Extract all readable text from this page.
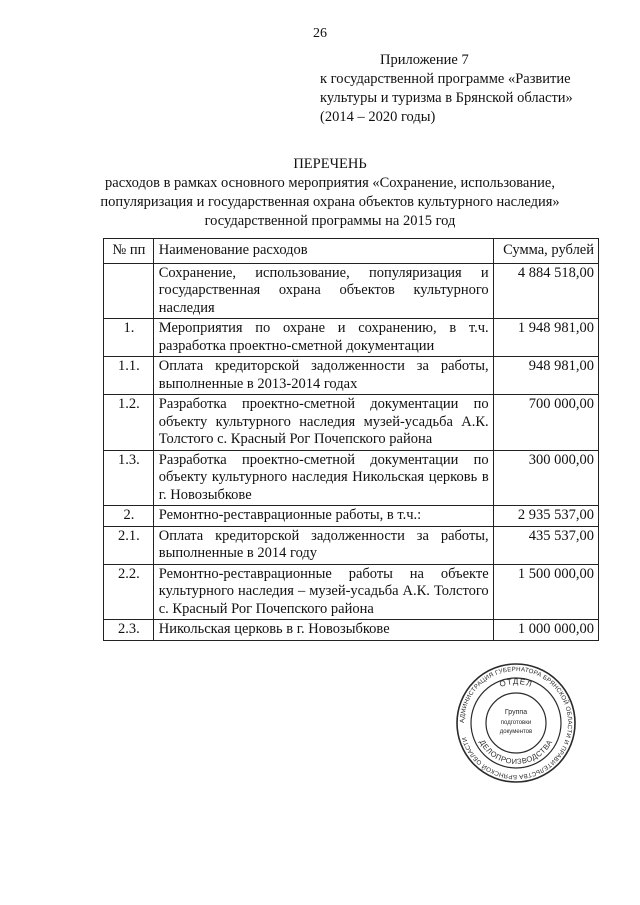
26
Приложение 7
к государственной программе «Развитие
культуры и туризма в Брянской области»
(2014 – 2020 годы)
ПЕРЕЧЕНЬ
расходов в рамках основного мероприятия «Сохранение, использование,
популяризация и государственная охрана объектов культурного наследия»
государственной программы на 2015 год
№ пп	Наименование расходов	Сумма, рублей
	Сохранение, использование, популяризация и государственная охрана объектов культурного наследия	4 884 518,00
1.	Мероприятия по охране и сохранению, в т.ч. разработка проектно-сметной документации	1 948 981,00
1.1.	Оплата кредиторской задолженности за работы, выполненные в 2013-2014 годах	948 981,00
1.2.	Разработка проектно-сметной документации по объекту культурного наследия музей-усадьба А.К. Толстого с. Красный Рог Почепского района	700 000,00
1.3.	Разработка проектно-сметной документации по объекту культурного наследия Никольская церковь в г. Новозыбкове	300 000,00
2.	Ремонтно-реставрационные работы, в т.ч.:	2 935 537,00
2.1.	Оплата кредиторской задолженности за работы, выполненные в 2014 году	435 537,00
2.2.	Ремонтно-реставрационные работы на объекте культурного наследия – музей-усадьба А.К. Толстого с. Красный Рог Почепского района	1 500 000,00
2.3.	Никольская церковь в г. Новозыбкове	1 000 000,00
АДМИНИСТРАЦИЯ ГУБЕРНАТОРА БРЯНСКОЙ ОБЛАСТИ И ПРАВИТЕЛЬСТВА БРЯНСКОЙ ОБЛАСТИ
ОТДЕЛ
ДЕЛОПРОИЗВОДСТВА
Группа
подготовки
документов
